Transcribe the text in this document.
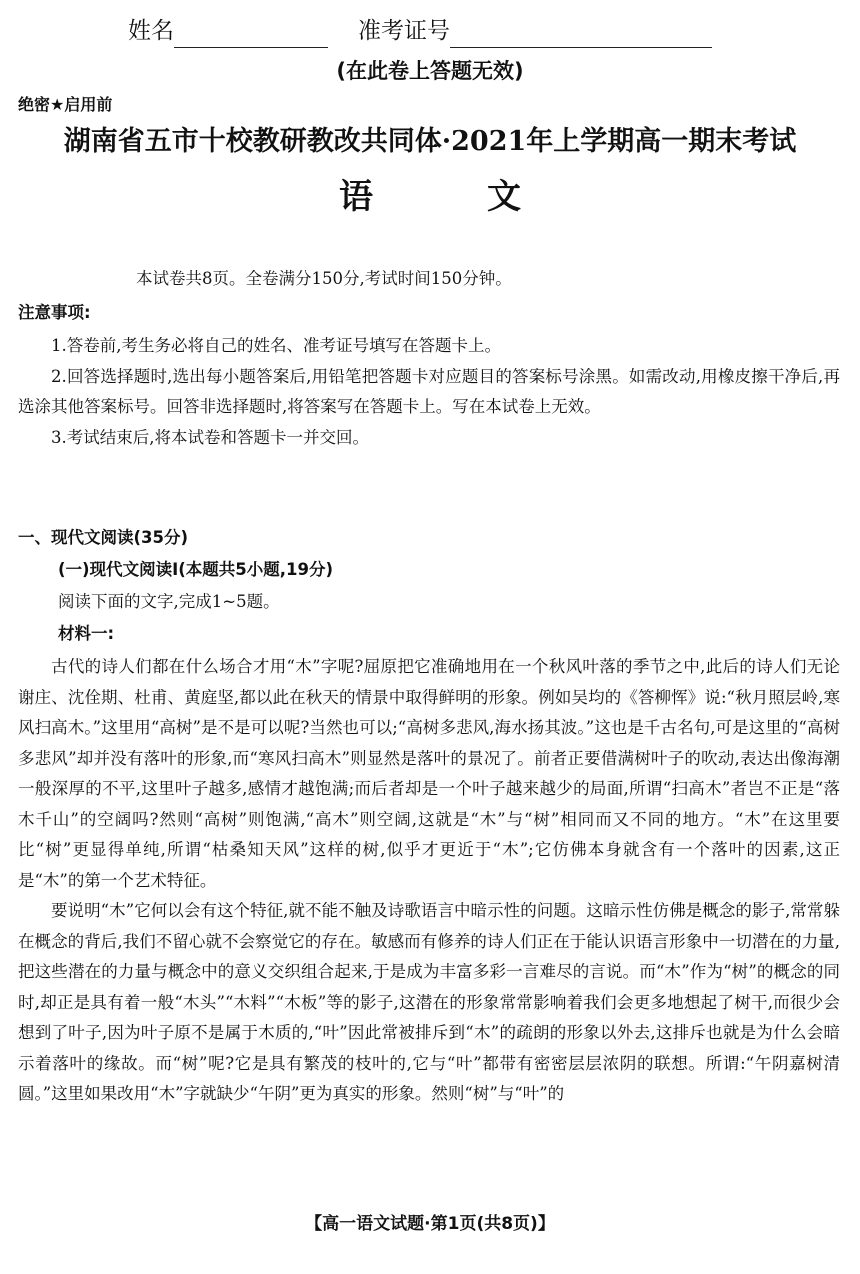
姓名	准考证号
(在此卷上答题无效)
绝密★启用前
湖南省五市十校教研教改共同体·2021年上学期高一期末考试
语　文
本试卷共8页。全卷满分150分,考试时间150分钟。
注意事项:

1.答卷前,考生务必将自己的姓名、准考证号填写在答题卡上。

2.回答选择题时,选出每小题答案后,用铅笔把答题卡对应题目的答案标号涂黑。如需改动,用橡皮擦干净后,再选涂其他答案标号。回答非选择题时,将答案写在答题卡上。写在本试卷上无效。

3.考试结束后,将本试卷和答题卡一并交回。

一、现代文阅读(35分)
(一)现代文阅读Ⅰ(本题共5小题,19分)
阅读下面的文字,完成1~5题。
材料一:

古代的诗人们都在什么场合才用“木”字呢?屈原把它准确地用在一个秋风叶落的季节之中,此后的诗人们无论谢庄、沈佺期、杜甫、黄庭坚,都以此在秋天的情景中取得鲜明的形象。例如吴均的《答柳恽》说:“秋月照层岭,寒风扫高木。”这里用“高树”是不是可以呢?当然也可以;“高树多悲风,海水扬其波。”这也是千古名句,可是这里的“高树多悲风”却并没有落叶的形象,而“寒风扫高木”则显然是落叶的景况了。前者正要借满树叶子的吹动,表达出像海潮一般深厚的不平,这里叶子越多,感情才越饱满;而后者却是一个叶子越来越少的局面,所谓“扫高木”者岂不正是“落木千山”的空阔吗?然则“高树”则饱满,“高木”则空阔,这就是“木”与“树”相同而又不同的地方。“木”在这里要比“树”更显得单纯,所谓“枯桑知天风”这样的树,似乎才更近于“木”;它仿佛本身就含有一个落叶的因素,这正是“木”的第一个艺术特征。

要说明“木”它何以会有这个特征,就不能不触及诗歌语言中暗示性的问题。这暗示性仿佛是概念的影子,常常躲在概念的背后,我们不留心就不会察觉它的存在。敏感而有修养的诗人们正在于能认识语言形象中一切潜在的力量,把这些潜在的力量与概念中的意义交织组合起来,于是成为丰富多彩一言难尽的言说。而“木”作为“树”的概念的同时,却正是具有着一般“木头”“木料”“木板”等的影子,这潜在的形象常常影响着我们会更多地想起了树干,而很少会想到了叶子,因为叶子原不是属于木质的,“叶”因此常被排斥到“木”的疏朗的形象以外去,这排斥也就是为什么会暗示着落叶的缘故。而“树”呢?它是具有繁茂的枝叶的,它与“叶”都带有密密层层浓阴的联想。所谓:“午阴嘉树清圆。”这里如果改用“木”字就缺少“午阴”更为真实的形象。然则“树”与“叶”的

【高一语文试题·第1页(共8页)】
